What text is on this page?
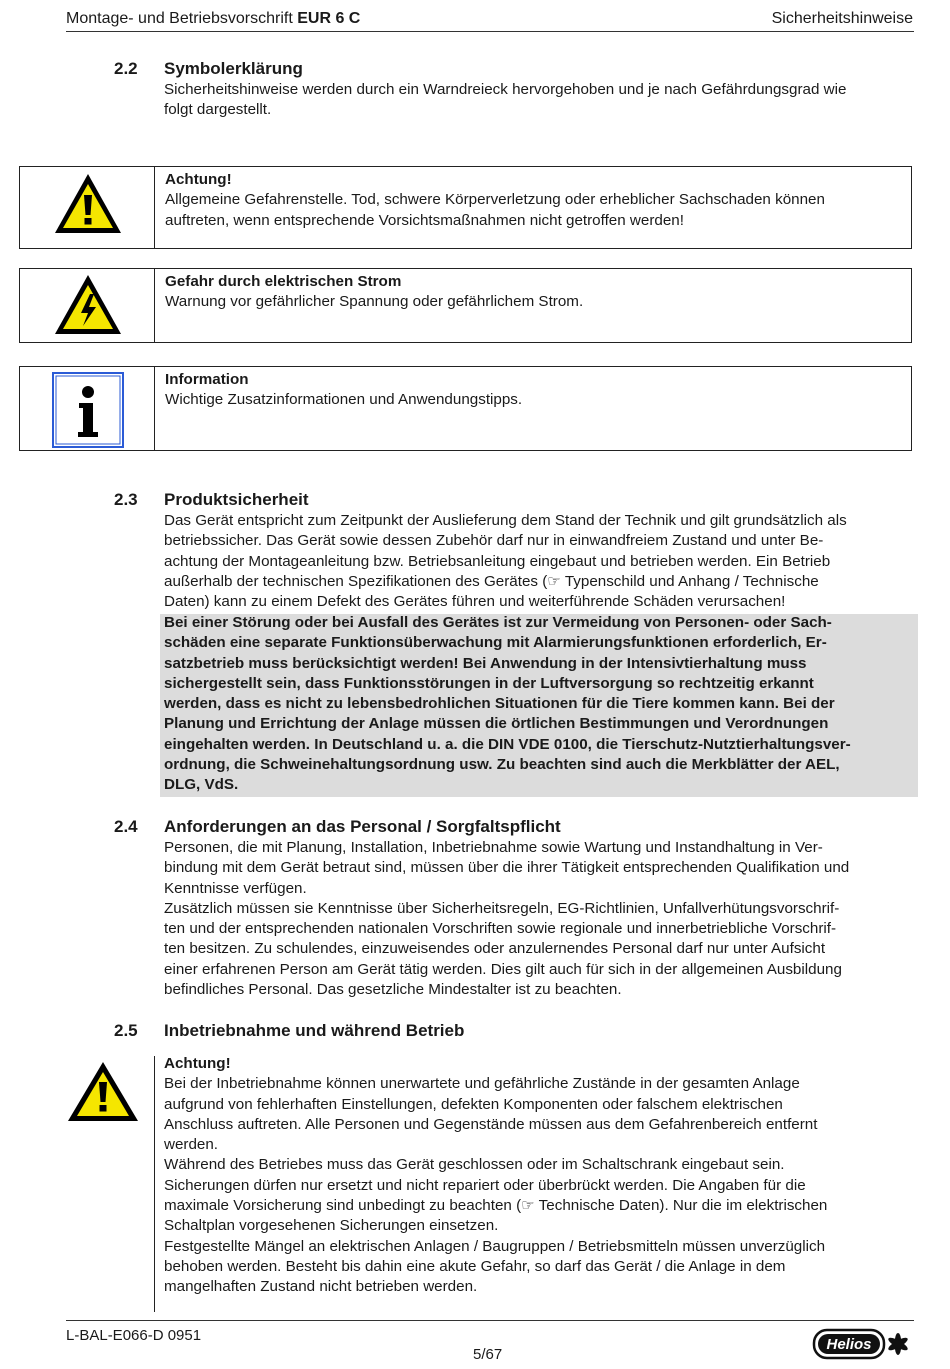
Montage- und Betriebsvorschrift EUR 6 C	Sicherheitshinweise
2.2 Symbolerklärung
Sicherheitshinweise werden durch ein Warndreieck hervorgehoben und je nach Gefährdungsgrad wie
folgt dargestellt.
Achtung!
Allgemeine Gefahrenstelle. Tod, schwere Körperverletzung oder erheblicher Sachschaden können
auftreten, wenn entsprechende Vorsichtsmaßnahmen nicht getroffen werden!
Gefahr durch elektrischen Strom
Warnung vor gefährlicher Spannung oder gefährlichem Strom.
Information
Wichtige Zusatzinformationen und Anwendungstipps.
2.3 Produktsicherheit
Das Gerät entspricht zum Zeitpunkt der Auslieferung dem Stand der Technik und gilt grundsätzlich als
betriebssicher. Das Gerät sowie dessen Zubehör darf nur in einwandfreiem Zustand und unter Be-
achtung der Montageanleitung bzw. Betriebsanleitung eingebaut und betrieben werden. Ein Betrieb
außerhalb der technischen Spezifikationen des Gerätes (☞ Typenschild und Anhang / Technische
Daten) kann zu einem Defekt des Gerätes führen und weiterführende Schäden verursachen!
Bei einer Störung oder bei Ausfall des Gerätes ist zur Vermeidung von Personen- oder Sach-
schäden eine separate Funktionsüberwachung mit Alarmierungsfunktionen erforderlich, Er-
satzbetrieb muss berücksichtigt werden! Bei Anwendung in der Intensivtierhaltung muss
sichergestellt sein, dass Funktionsstörungen in der Luftversorgung so rechtzeitig erkannt
werden, dass es nicht zu lebensbedrohlichen Situationen für die Tiere kommen kann. Bei der
Planung und Errichtung der Anlage müssen die örtlichen Bestimmungen und Verordnungen
eingehalten werden. In Deutschland u. a. die DIN VDE 0100, die Tierschutz-Nutztierhaltungsver-
ordnung, die Schweinehaltungsordnung usw. Zu beachten sind auch die Merkblätter der AEL,
DLG, VdS.
2.4 Anforderungen an das Personal / Sorgfaltspflicht
Personen, die mit Planung, Installation, Inbetriebnahme sowie Wartung und Instandhaltung in Ver-
bindung mit dem Gerät betraut sind, müssen über die ihrer Tätigkeit entsprechenden Qualifikation und
Kenntnisse verfügen.
Zusätzlich müssen sie Kenntnisse über Sicherheitsregeln, EG-Richtlinien, Unfallverhütungsvorschrif-
ten und der entsprechenden nationalen Vorschriften sowie regionale und innerbetriebliche Vorschrif-
ten besitzen. Zu schulendes, einzuweisendes oder anzulernendes Personal darf nur unter Aufsicht
einer erfahrenen Person am Gerät tätig werden. Dies gilt auch für sich in der allgemeinen Ausbildung
befindliches Personal. Das gesetzliche Mindestalter ist zu beachten.
2.5 Inbetriebnahme und während Betrieb
Achtung!
Bei der Inbetriebnahme können unerwartete und gefährliche Zustände in der gesamten Anlage
aufgrund von fehlerhaften Einstellungen, defekten Komponenten oder falschem elektrischen
Anschluss auftreten. Alle Personen und Gegenstände müssen aus dem Gefahrenbereich entfernt
werden.
Während des Betriebes muss das Gerät geschlossen oder im Schaltschrank eingebaut sein.
Sicherungen dürfen nur ersetzt und nicht repariert oder überbrückt werden. Die Angaben für die
maximale Vorsicherung sind unbedingt zu beachten (☞ Technische Daten). Nur die im elektrischen
Schaltplan vorgesehenen Sicherungen einsetzen.
Festgestellte Mängel an elektrischen Anlagen / Baugruppen / Betriebsmitteln müssen unverzüglich
behoben werden. Besteht bis dahin eine akute Gefahr, so darf das Gerät / die Anlage in dem
mangelhaften Zustand nicht betrieben werden.
L-BAL-E066-D 0951
5/67
Helios
